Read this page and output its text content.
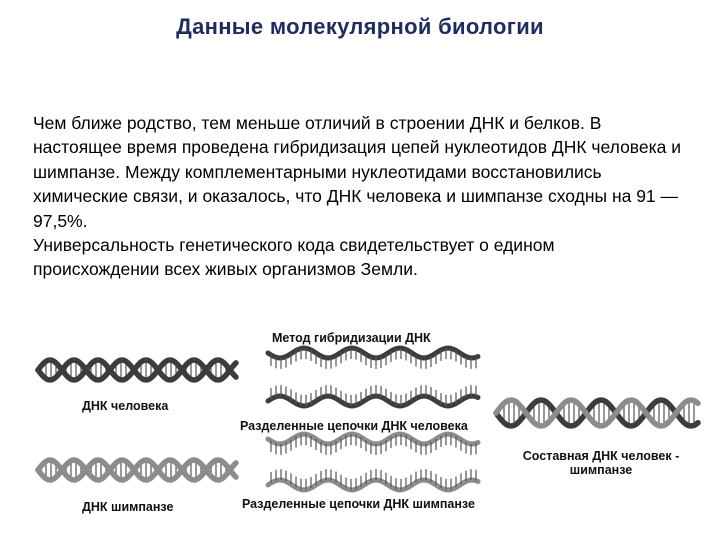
Данные молекулярной биологии
Чем ближе родство, тем меньше отличий в строении ДНК и белков. В настоящее время проведена гибридизация цепей нуклеотидов ДНК человека и шимпанзе. Между комплементарными нуклеотидами восстановились химические связи, и оказалось, что ДНК человека и шимпанзе сходны на 91 — 97,5%.
Универсальность генетического кода свидетельствует о едином происхождении всех живых организмов Земли.
Метод гибридизации ДНК
ДНК человека
Разделенные цепочки ДНК человека
Составная ДНК человек -
шимпанзе
ДНК шимпанзе	Разделенные цепочки ДНК шимпанзе
